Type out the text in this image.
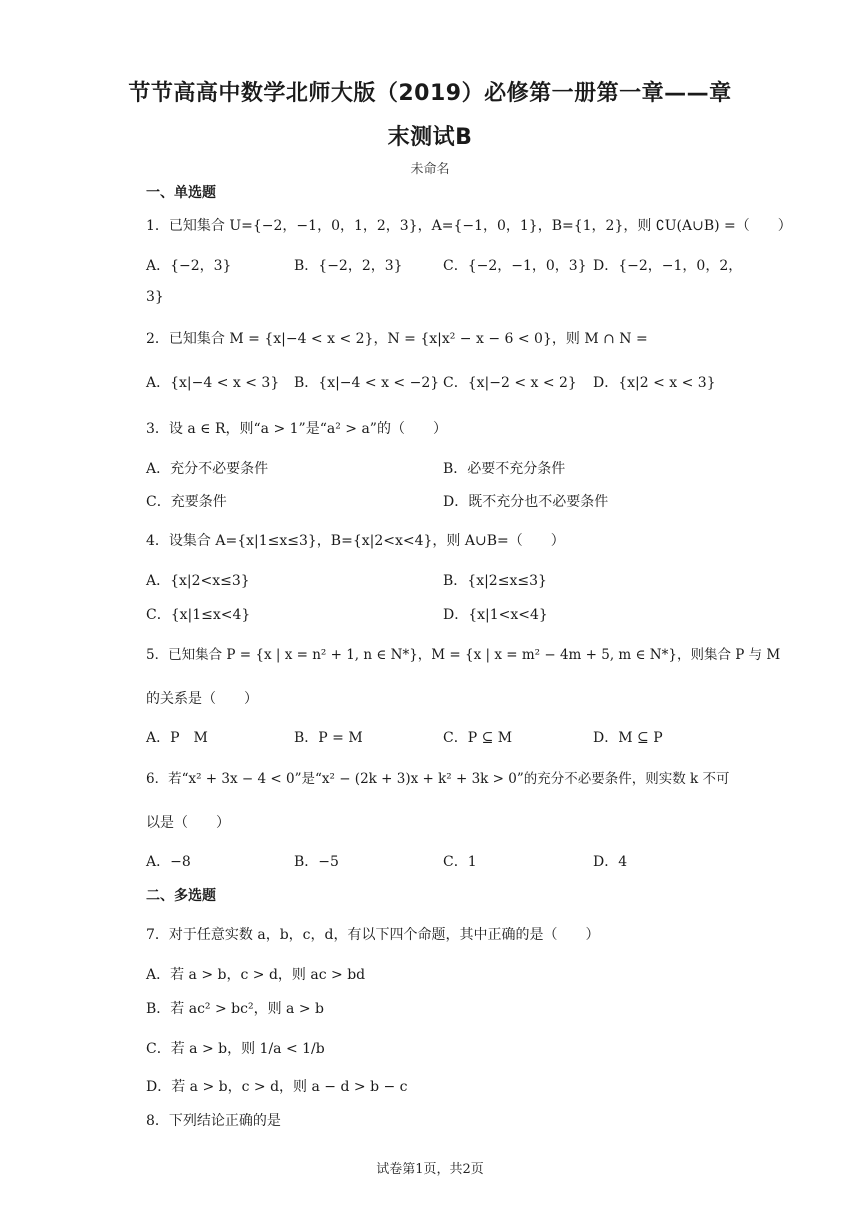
节节高高中数学北师大版（2019）必修第一册第一章——章
末测试B
未命名
一、单选题
1．已知集合 U={−2，−1，0，1，2，3}，A={−1，0，1}，B={1，2}，则 ∁U(A∪B) =（　　）
A．{−2，3}	B．{−2，2，3}	C．{−2，−1，0，3} D．{−2，−1，0，2，
3}
2．已知集合 M = {x|−4 < x < 2}，N = {x|x² − x − 6 < 0}，则 M ∩ N =
A．{x|−4 < x < 3} B．{x|−4 < x < −2} C．{x|−2 < x < 2} D．{x|2 < x < 3}
3．设 a ∈ R，则“a > 1”是“a² > a”的（　　）
A．充分不必要条件	B．必要不充分条件
C．充要条件	D．既不充分也不必要条件
4．设集合 A={x|1≤x≤3}，B={x|2<x<4}，则 A∪B=（　　）
A．{x|2<x≤3}	B．{x|2≤x≤3}
C．{x|1≤x<4}	D．{x|1<x<4}
5．已知集合 P = {x | x = n² + 1, n ∈ N*}，M = {x | x = m² − 4m + 5, m ∈ N*}，则集合 P 与 M
的关系是（　　）
A．P　M	B．P = M	C．P ⊆ M	D．M ⊆ P
6．若“x² + 3x − 4 < 0”是“x² − (2k + 3)x + k² + 3k > 0”的充分不必要条件，则实数 k 不可
以是（　　）
A．−8	B．−5	C．1	D．4
二、多选题
7．对于任意实数 a，b，c，d，有以下四个命题，其中正确的是（　　）
A．若 a > b，c > d，则 ac > bd
B．若 ac² > bc²，则 a > b
C．若 a > b，则 1/a < 1/b
D．若 a > b，c > d，则 a − d > b − c
8．下列结论正确的是
试卷第1页，共2页
